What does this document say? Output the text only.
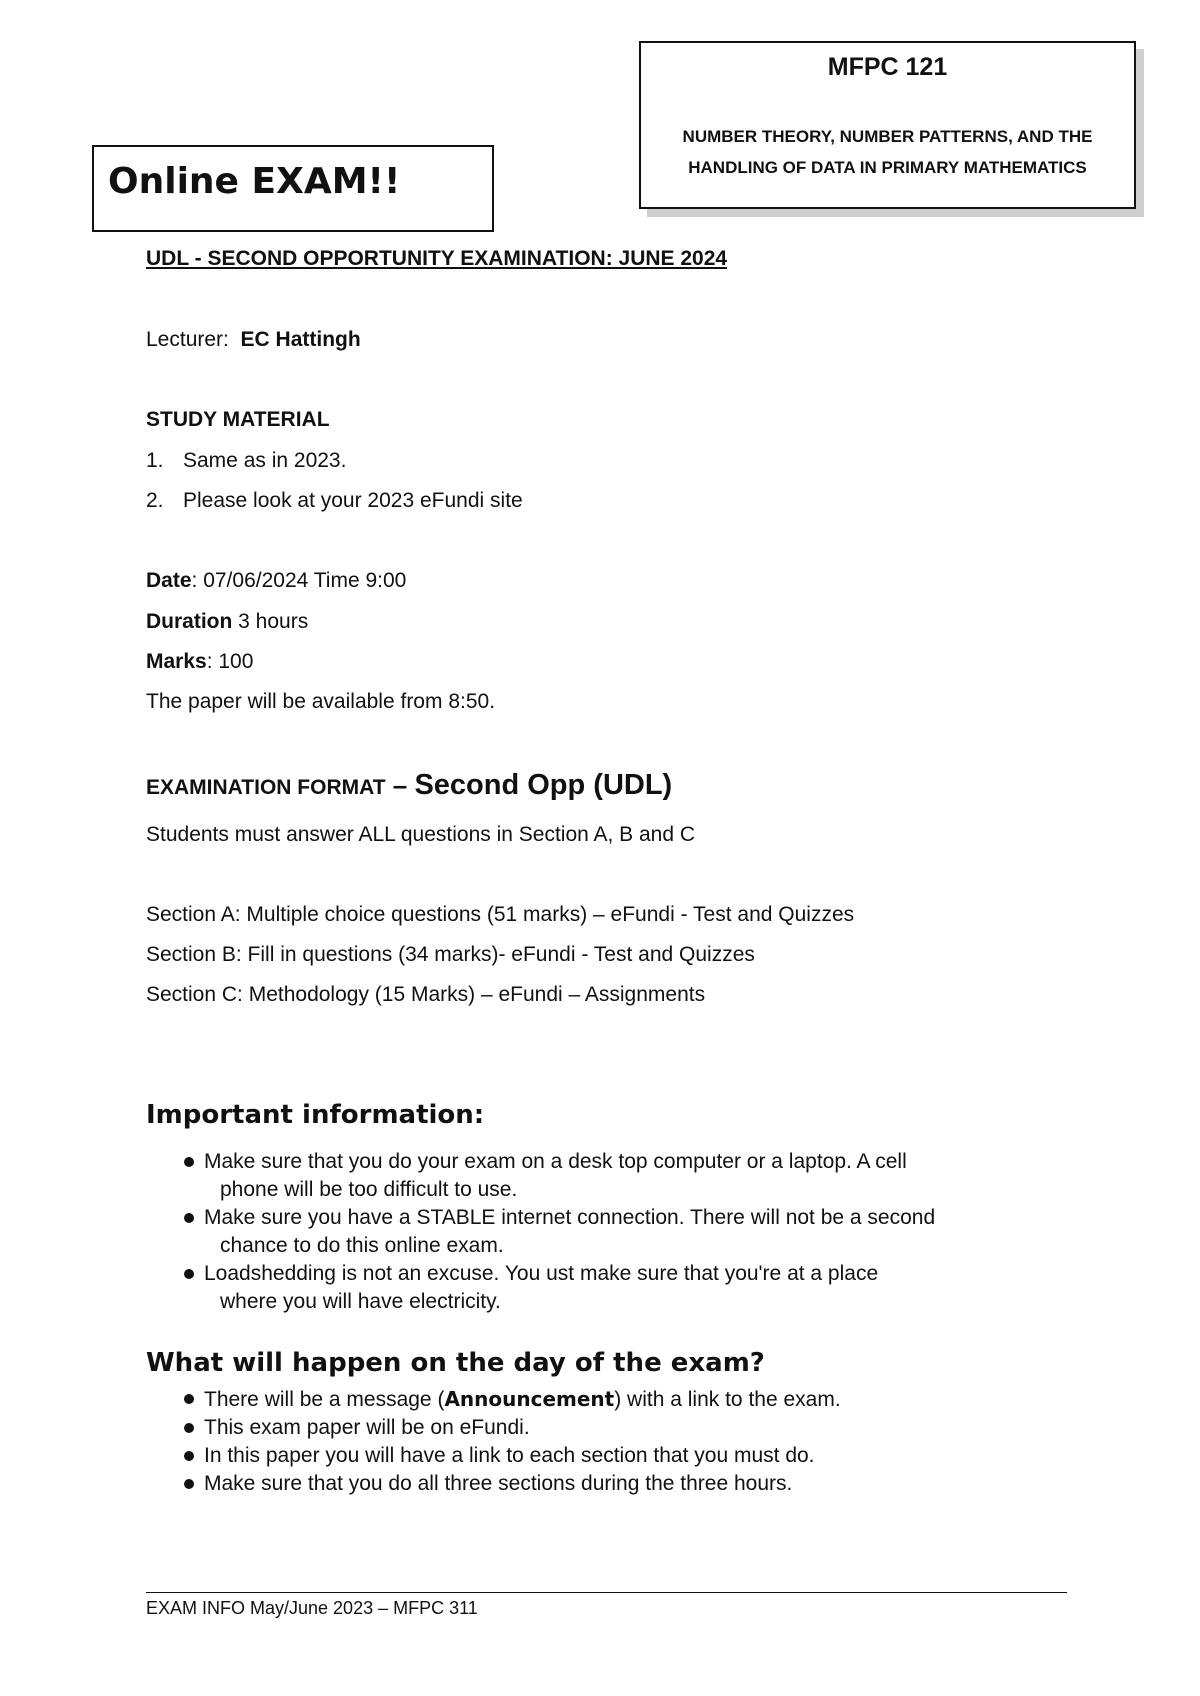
MFPC 121
NUMBER THEORY, NUMBER PATTERNS, AND THE
HANDLING OF DATA IN PRIMARY MATHEMATICS
Online EXAM!!
UDL - SECOND OPPORTUNITY EXAMINATION: JUNE 2024
Lecturer: EC Hattingh
STUDY MATERIAL
1. Same as in 2023.
2. Please look at your 2023 eFundi site
Date: 07/06/2024 Time 9:00
Duration 3 hours
Marks: 100
The paper will be available from 8:50.
EXAMINATION FORMAT – Second Opp (UDL)
Students must answer ALL questions in Section A, B and C
Section A: Multiple choice questions (51 marks) – eFundi - Test and Quizzes
Section B: Fill in questions (34 marks)- eFundi - Test and Quizzes
Section C: Methodology (15 Marks) – eFundi – Assignments
Important information:
Make sure that you do your exam on a desk top computer or a laptop. A cell
phone will be too difficult to use.
Make sure you have a STABLE internet connection. There will not be a second
chance to do this online exam.
Loadshedding is not an excuse. You ust make sure that you're at a place
where you will have electricity.
What will happen on the day of the exam?
There will be a message (Announcement) with a link to the exam.
This exam paper will be on eFundi.
In this paper you will have a link to each section that you must do.
Make sure that you do all three sections during the three hours.
EXAM INFO May/June 2023 – MFPC 311
